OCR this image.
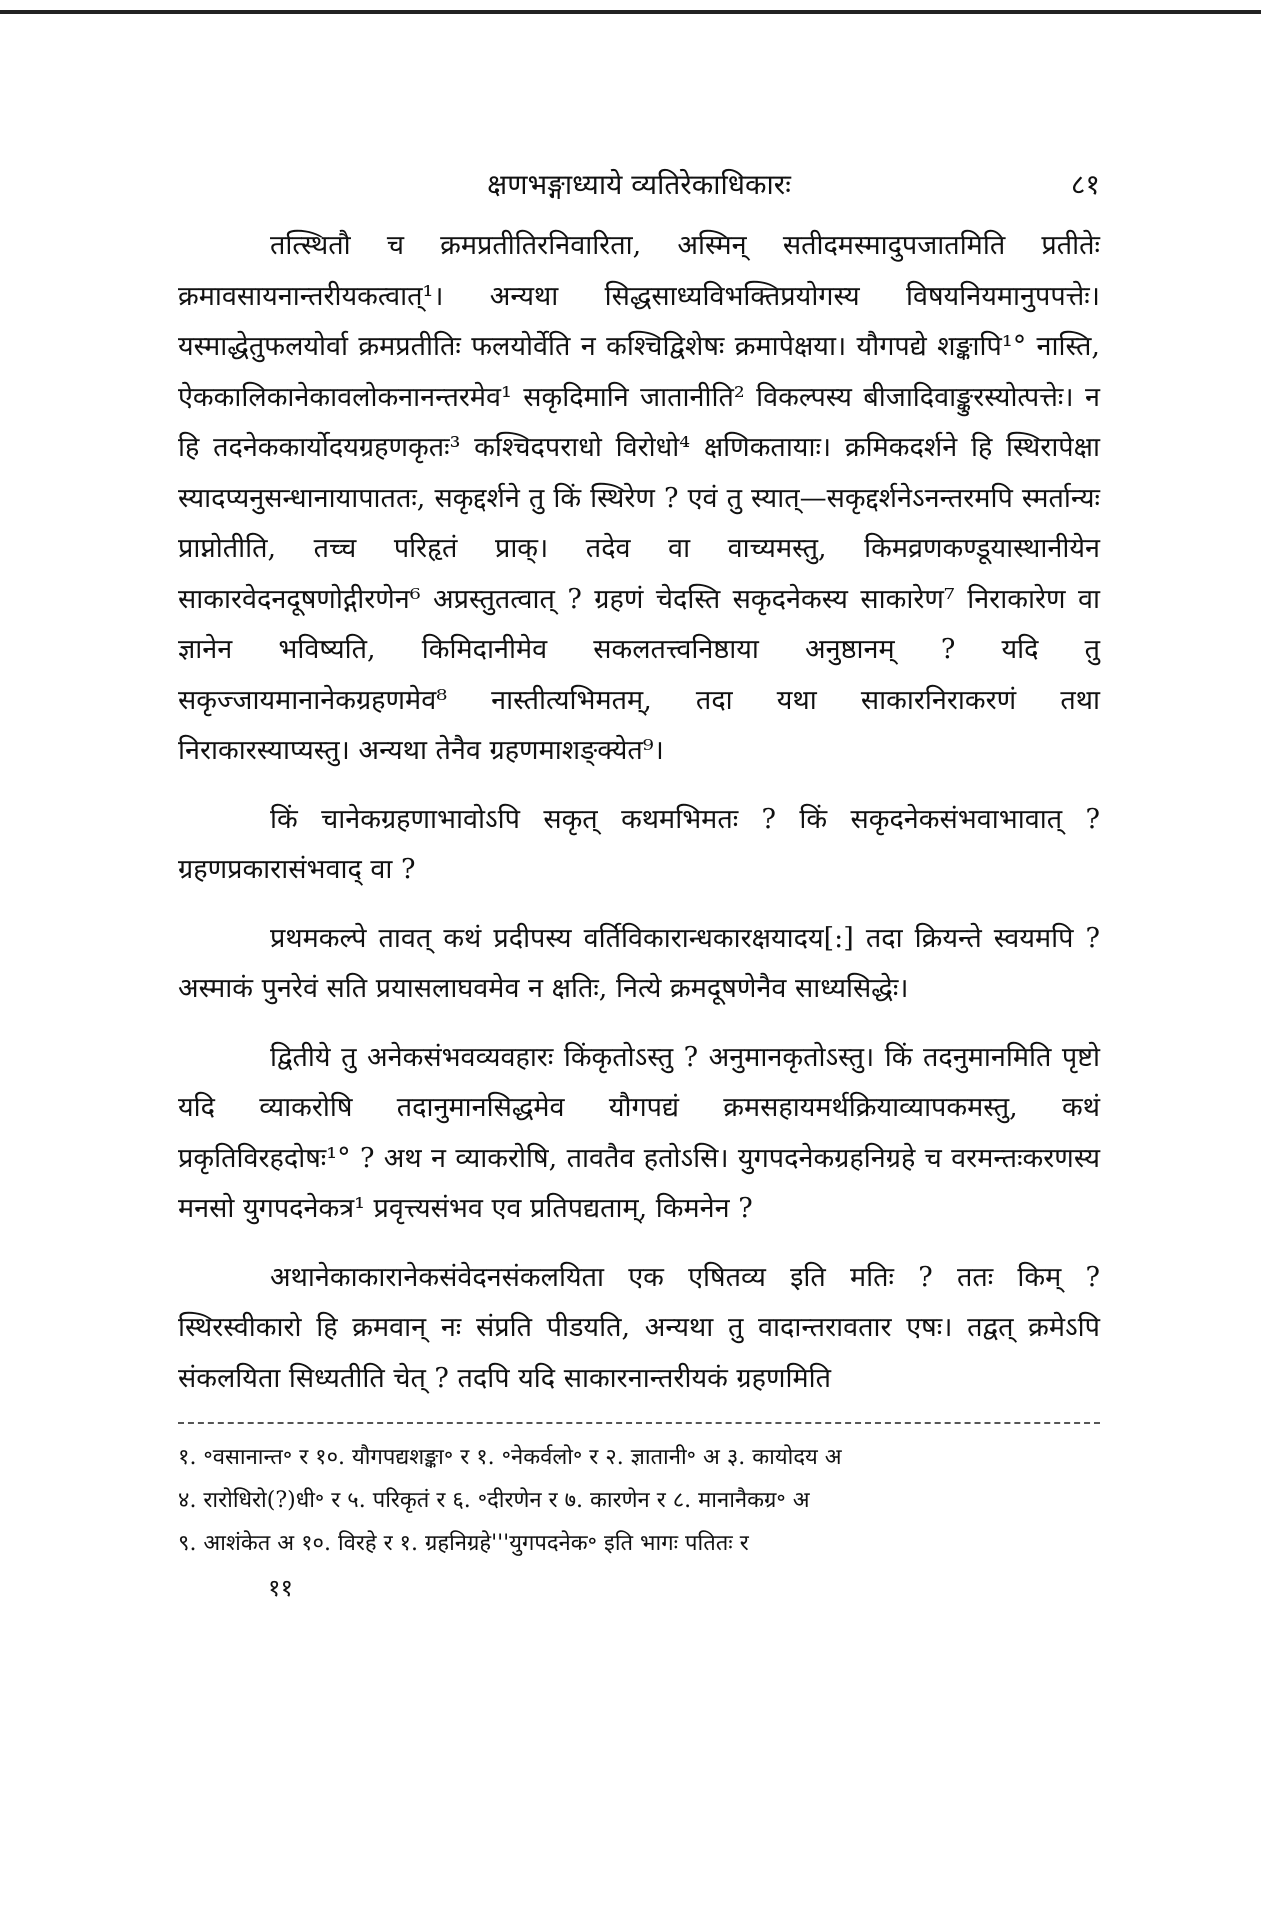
क्षणभङ्गाध्याये व्यतिरेकाधिकारः	८१

तत्स्थितौ च क्रमप्रतीतिरनिवारिता, अस्मिन् सतीदमस्मादुपजातमिति प्रतीतेः क्रमावसायनान्तरीयकत्वात्¹। अन्यथा सिद्धसाध्यविभक्तिप्रयोगस्य विषयनियमानुपपत्तेः। यस्माद्धेतुफलयोर्वा क्रमप्रतीतिः फलयोर्वेति न कश्चिद्विशेषः क्रमापेक्षया। यौगपद्ये शङ्कापि¹° नास्ति, ऐककालिकानेकावलोकनानन्तरमेव¹ सकृदिमानि जातानीति² विकल्पस्य बीजादिवाङ्कुरस्योत्पत्तेः। न हि तदनेककार्योदयग्रहणकृतः³ कश्चिदपराधो विरोधो⁴ क्षणिकतायाः। क्रमिकदर्शने हि स्थिरापेक्षा स्यादप्यनुसन्धानायापाततः, सकृद्दर्शने तु किं स्थिरेण ? एवं तु स्यात्—सकृद्दर्शनेऽनन्तरमपि स्मर्तान्यः प्राप्नोतीति, तच्च परिहृतं प्राक्। तदेव वा वाच्यमस्तु, किमव्रणकण्डूयास्थानीयेन साकारवेदनदूषणोद्गीरणेन⁶ अप्रस्तुतत्वात् ? ग्रहणं चेदस्ति सकृदनेकस्य साकारेण⁷ निराकारेण वा ज्ञानेन भविष्यति, किमिदानीमेव सकलतत्त्वनिष्ठाया अनुष्ठानम् ? यदि तु सकृज्जायमानानेकग्रहणमेव⁸ नास्तीत्यभिमतम्, तदा यथा साकारनिराकरणं तथा निराकारस्याप्यस्तु। अन्यथा तेनैव ग्रहणमाशङ्क्येत⁹।

किं चानेकग्रहणाभावोऽपि सकृत् कथमभिमतः ? किं सकृदनेकसंभवाभावात् ? ग्रहणप्रकारासंभवाद् वा ?

प्रथमकल्पे तावत् कथं प्रदीपस्य वर्तिविकारान्धकारक्षयादय[:] तदा क्रियन्ते स्वयमपि ? अस्माकं पुनरेवं सति प्रयासलाघवमेव न क्षतिः, नित्ये क्रमदूषणेनैव साध्यसिद्धेः।

द्वितीये तु अनेकसंभवव्यवहारः किंकृतोऽस्तु ? अनुमानकृतोऽस्तु। किं तदनुमानमिति पृष्टो यदि व्याकरोषि तदानुमानसिद्धमेव यौगपद्यं क्रमसहायमर्थक्रियाव्यापकमस्तु, कथं प्रकृतिविरहदोषः¹° ? अथ न व्याकरोषि, तावतैव हतोऽसि। युगपदनेकग्रहनिग्रहे च वरमन्तःकरणस्य मनसो युगपदनेकत्र¹ प्रवृत्त्यसंभव एव प्रतिपद्यताम्, किमनेन ?

अथानेकाकारानेकसंवेदनसंकलयिता एक एषितव्य इति मतिः ? ततः किम् ? स्थिरस्वीकारो हि क्रमवान् नः संप्रति पीडयति, अन्यथा तु वादान्तरावतार एषः। तद्वत् क्रमेऽपि संकलयिता सिध्यतीति चेत् ? तदपि यदि साकारनान्तरीयकं ग्रहणमिति

१. ॰वसानान्त॰ र १०. यौगपद्यशङ्का॰ र १. ॰नेकर्वलो॰ र २. ज्ञातानी॰ अ ३. कायोदय अ
४. रारोधिरो(?)धी॰ र ५. परिकृतं र ६. ॰दीरणेन र ७. कारणेन र ८. मानानैकग्र॰ अ
९. आशंकेत अ १०. विरहे र १. ग्रहनिग्रहे'''युगपदनेक॰ इति भागः पतितः र
११
